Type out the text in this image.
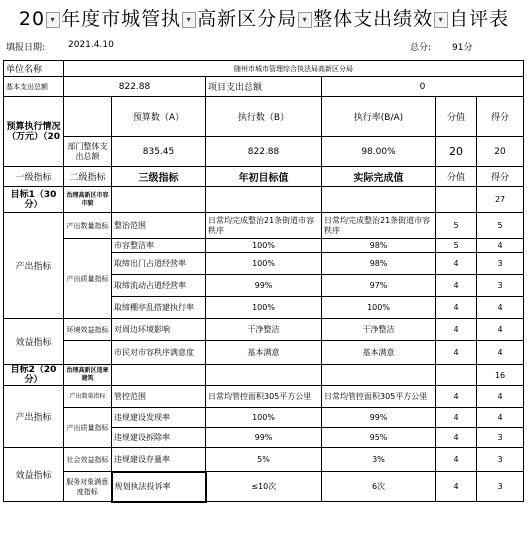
20 ▾ 年度市城管执 ▾ 高新区分局 ▾ 整体支出绩效 ▾ 自评表
填报日期:	2021.4.10	总分: 91分
单位名称	随州市城市管理综合执法局高新区分局					
基本支出总额	822.88		项目支出总额	0		
预算执行情况（万元）（20		预算数（A）	执行数（B）	执行率(B/A)	分值	得分
	部门整体支出总额	835.45	822.88	98.00%	20	20
一级指标	二级指标	三级指标	年初目标值	实际完成值	分值	得分
目标1（30分）	治理高新区市容市貌					27
产出指标	产出数量指标	整治范围	日常均完成整治21条街道市容秩序	日常均完成整治21条街道市容秩序	5	5
	产出质量指标	市容整洁率	100%	98%	5	4
		取缔出门占道经营率	100%	98%	4	3
		取缔流动占道经营率	99%	97%	4	3
		取缔棚亭乱搭建执行率	100%	100%	4	4
效益指标	环境效益指标	对周边环境影响	干净整洁	干净整洁	4	4
		市民对市容秩序满意度	基本满意	基本满意	4	4
目标2（20分）	治理高新区违章建筑					16
产出指标	产出数量指标	管控范围	日常均管控面积305平方公里	日常均管控面积305平方公里	4	4
	产出质量指标	违规建设发现率	100%	99%	4	4
		违规建设拆除率	99%	95%	4	3
效益指标	社会效益指标	违规建设存量率	5%	3%	4	3
	服务对象满意度指标	规划执法投诉率	≤10次	6次	4	3
